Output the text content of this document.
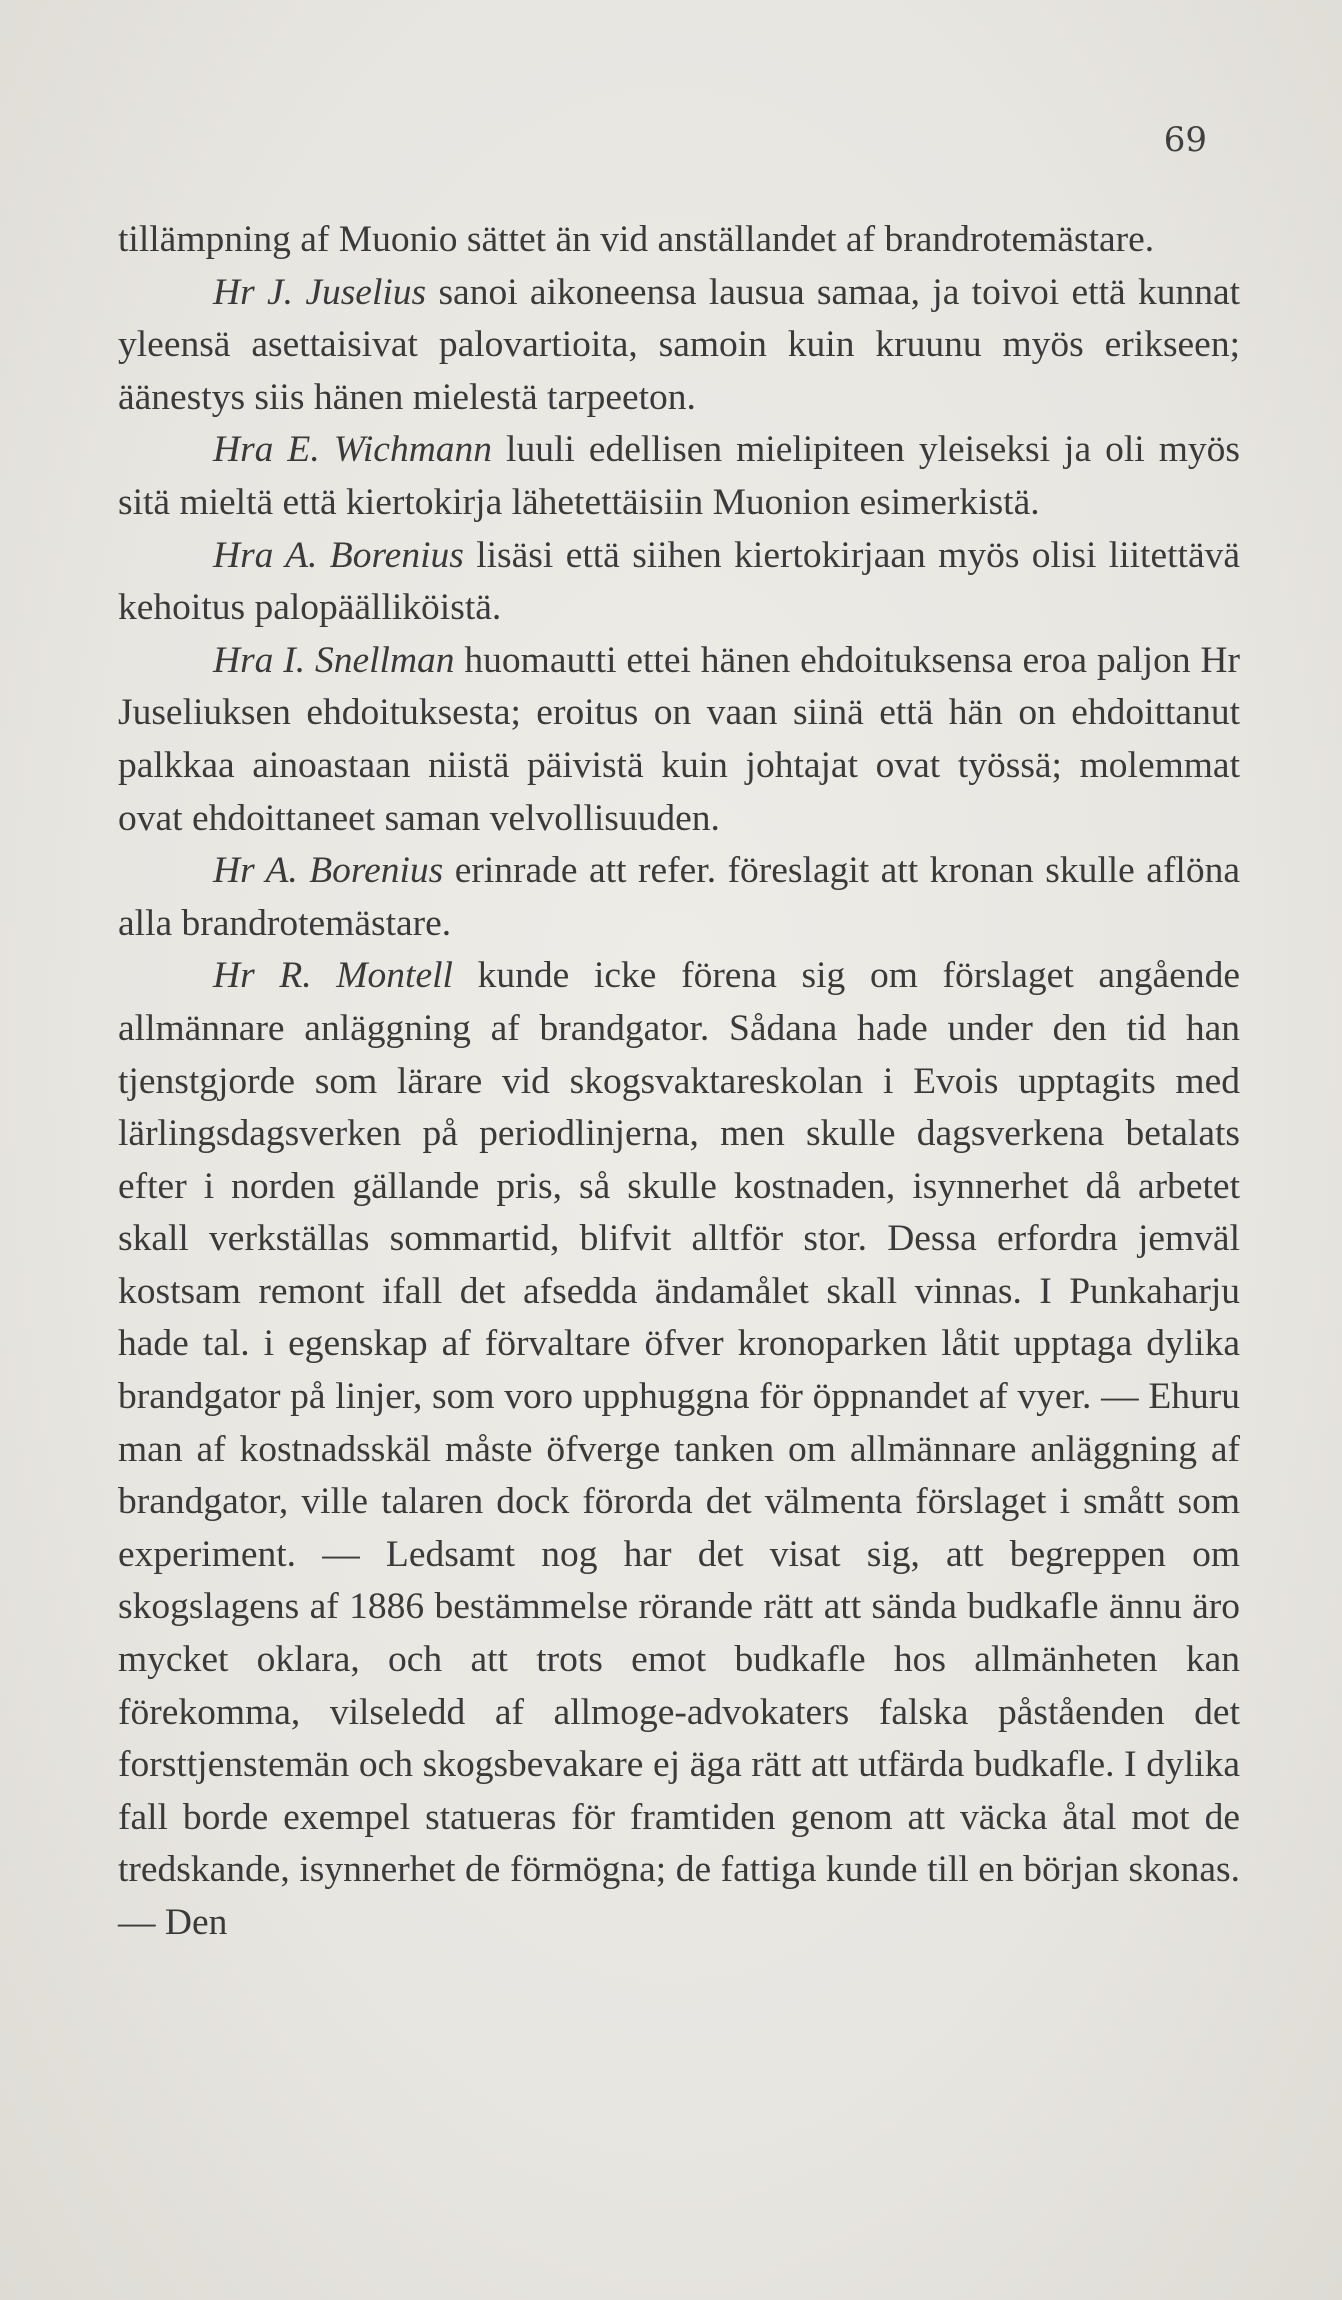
69

tillämpning af Muonio sättet än vid anställandet af brandrotemästare.

Hr J. Juselius sanoi aikoneensa lausua samaa, ja toivoi että kunnat yleensä asettaisivat palovartioita, samoin kuin kruunu myös erikseen; äänestys siis hänen mielestä tarpeeton.

Hra E. Wichmann luuli edellisen mielipiteen yleiseksi ja oli myös sitä mieltä että kiertokirja lähetettäisiin Muonion esimerkistä.

Hra A. Borenius lisäsi että siihen kiertokirjaan myös olisi liitettävä kehoitus palopäälliköistä.

Hra I. Snellman huomautti ettei hänen ehdoituksensa eroa paljon Hr Juseliuksen ehdoituksesta; eroitus on vaan siinä että hän on ehdoittanut palkkaa ainoastaan niistä päivistä kuin johtajat ovat työssä; molemmat ovat ehdoittaneet saman velvollisuuden.

Hr A. Borenius erinrade att refer. föreslagit att kronan skulle aflöna alla brandrotemästare.

Hr R. Montell kunde icke förena sig om förslaget angående allmännare anläggning af brandgator. Sådana hade under den tid han tjenstgjorde som lärare vid skogsvaktareskolan i Evois upptagits med lärlingsdagsverken på periodlinjerna, men skulle dagsverkena betalats efter i norden gällande pris, så skulle kostnaden, isynnerhet då arbetet skall verkställas sommartid, blifvit alltför stor. Dessa erfordra jemväl kostsam remont ifall det afsedda ändamålet skall vinnas. I Punkaharju hade tal. i egenskap af förvaltare öfver kronoparken låtit upptaga dylika brandgator på linjer, som voro upphuggna för öppnandet af vyer. — Ehuru man af kostnadsskäl måste öfverge tanken om allmännare anläggning af brandgator, ville talaren dock förorda det välmenta förslaget i smått som experiment. — Ledsamt nog har det visat sig, att begreppen om skogslagens af 1886 bestämmelse rörande rätt att sända budkafle ännu äro mycket oklara, och att trots emot budkafle hos allmänheten kan förekomma, vilseledd af allmoge-advokaters falska påståenden det forsttjenstemän och skogsbevakare ej äga rätt att utfärda budkafle. I dylika fall borde exempel statueras för framtiden genom att väcka åtal mot de tredskande, isynnerhet de förmögna; de fattiga kunde till en början skonas. — Den
